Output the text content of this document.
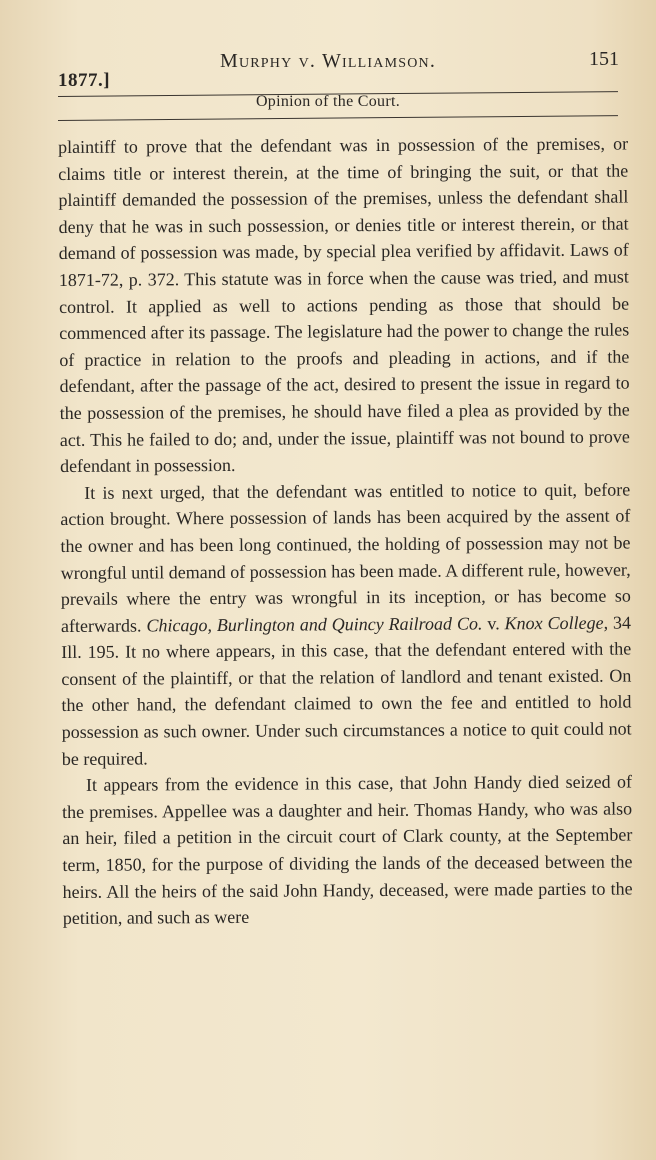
1877.]
Murphy v. Williamson.	151
Opinion of the Court.

plaintiff to prove that the defendant was in possession of the premises, or claims title or interest therein, at the time of bringing the suit, or that the plaintiff demanded the possession of the premises, unless the defendant shall deny that he was in such possession, or denies title or interest therein, or that demand of possession was made, by special plea verified by affidavit. Laws of 1871-72, p. 372. This statute was in force when the cause was tried, and must control. It applied as well to actions pending as those that should be commenced after its passage. The legislature had the power to change the rules of practice in relation to the proofs and pleading in actions, and if the defendant, after the passage of the act, desired to present the issue in regard to the possession of the premises, he should have filed a plea as provided by the act. This he failed to do; and, under the issue, plaintiff was not bound to prove defendant in possession.

It is next urged, that the defendant was entitled to notice to quit, before action brought. Where possession of lands has been acquired by the assent of the owner and has been long continued, the holding of possession may not be wrongful until demand of possession has been made. A different rule, however, prevails where the entry was wrongful in its inception, or has become so afterwards. Chicago, Burlington and Quincy Railroad Co. v. Knox College, 34 Ill. 195. It no where appears, in this case, that the defendant entered with the consent of the plaintiff, or that the relation of landlord and tenant existed. On the other hand, the defendant claimed to own the fee and entitled to hold possession as such owner. Under such circumstances a notice to quit could not be required.

It appears from the evidence in this case, that John Handy died seized of the premises. Appellee was a daughter and heir. Thomas Handy, who was also an heir, filed a petition in the circuit court of Clark county, at the September term, 1850, for the purpose of dividing the lands of the deceased between the heirs. All the heirs of the said John Handy, deceased, were made parties to the petition, and such as were
